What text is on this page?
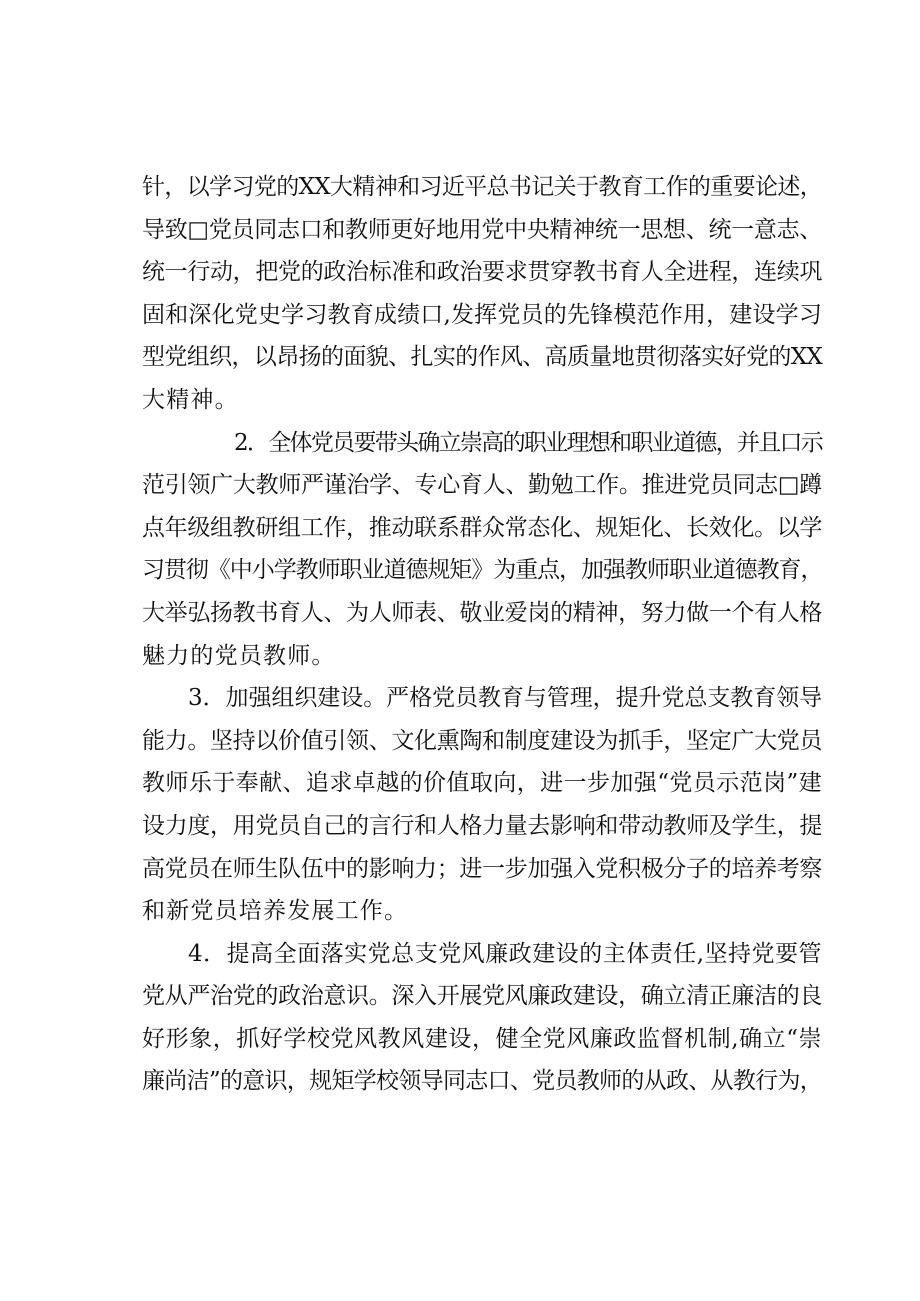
针，以学习党的XX大精神和习近平总书记关于教育工作的重要论述，
导致□党员同志口和教师更好地用党中央精神统一思想、统一意志、
统一行动，把党的政治标准和政治要求贯穿教书育人全进程，连续巩
固和深化党史学习教育成绩口,发挥党员的先锋模范作用，建设学习
型党组织，以昂扬的面貌、扎实的作风、高质量地贯彻落实好党的XX
大精神。

2．全体党员要带头确立崇高的职业理想和职业道德，并且口示
范引领广大教师严谨治学、专心育人、勤勉工作。推进党员同志□蹲
点年级组教研组工作，推动联系群众常态化、规矩化、长效化。以学
习贯彻《中小学教师职业道德规矩》为重点，加强教师职业道德教育，
大举弘扬教书育人、为人师表、敬业爱岗的精神，努力做一个有人格
魅力的党员教师。

3．加强组织建设。严格党员教育与管理，提升党总支教育领导
能力。坚持以价值引领、文化熏陶和制度建设为抓手，坚定广大党员
教师乐于奉献、追求卓越的价值取向，进一步加强“党员示范岗”建
设力度，用党员自己的言行和人格力量去影响和带动教师及学生，提
高党员在师生队伍中的影响力；进一步加强入党积极分子的培养考察
和新党员培养发展工作。

4．提高全面落实党总支党风廉政建设的主体责任,坚持党要管
党从严治党的政治意识。深入开展党风廉政建设，确立清正廉洁的良
好形象，抓好学校党风教风建设，健全党风廉政监督机制,确立“崇
廉尚洁”的意识，规矩学校领导同志口、党员教师的从政、从教行为，
